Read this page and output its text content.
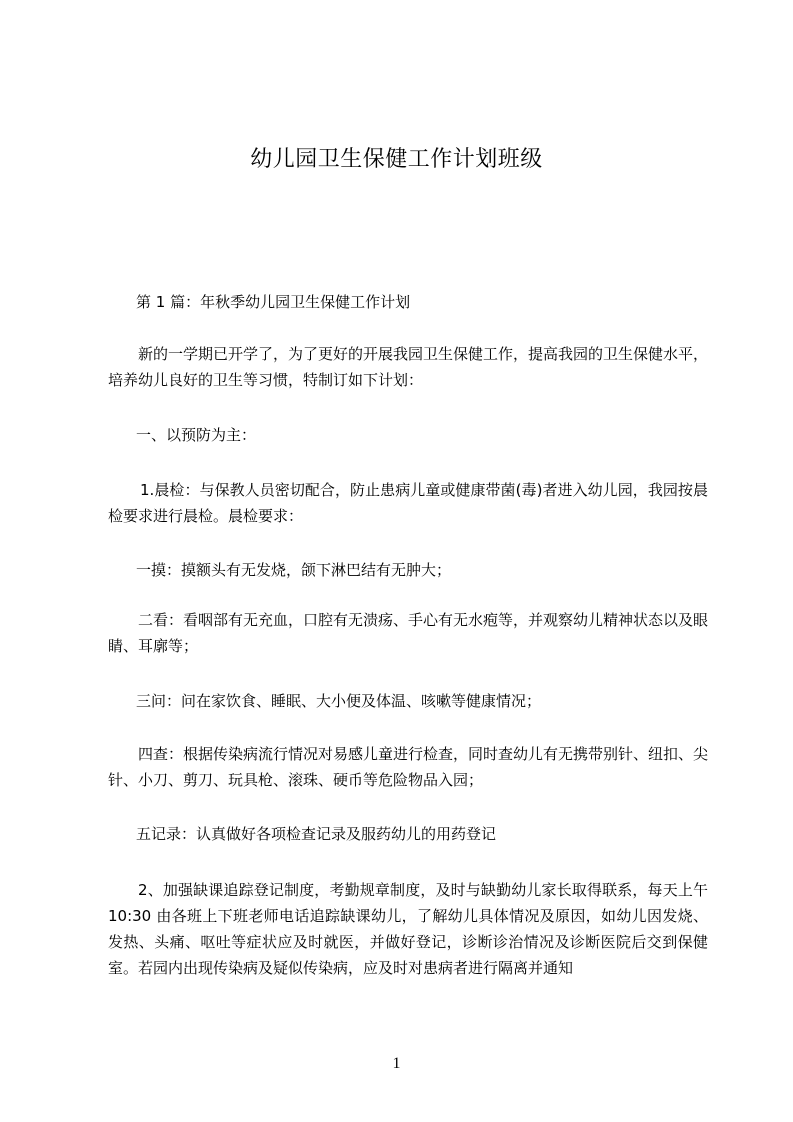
幼儿园卫生保健工作计划班级
第 1 篇：年秋季幼儿园卫生保健工作计划
新的一学期已开学了，为了更好的开展我园卫生保健工作，提高我园的卫生保健水平，培养幼儿良好的卫生等习惯，特制订如下计划：
一、以预防为主：
1.晨检：与保教人员密切配合，防止患病儿童或健康带菌(毒)者进入幼儿园，我园按晨检要求进行晨检。晨检要求：
一摸：摸额头有无发烧，颌下淋巴结有无肿大；
二看：看咽部有无充血，口腔有无溃疡、手心有无水疱等，并观察幼儿精神状态以及眼睛、耳廓等；
三问：问在家饮食、睡眠、大小便及体温、咳嗽等健康情况；
四查：根据传染病流行情况对易感儿童进行检查，同时查幼儿有无携带别针、纽扣、尖针、小刀、剪刀、玩具枪、滚珠、硬币等危险物品入园；
五记录：认真做好各项检查记录及服药幼儿的用药登记
2、加强缺课追踪登记制度，考勤规章制度，及时与缺勤幼儿家长取得联系，每天上午 10:30 由各班上下班老师电话追踪缺课幼儿，了解幼儿具体情况及原因，如幼儿因发烧、发热、头痛、呕吐等症状应及时就医，并做好登记，诊断诊治情况及诊断医院后交到保健室。若园内出现传染病及疑似传染病，应及时对患病者进行隔离并通知
1
